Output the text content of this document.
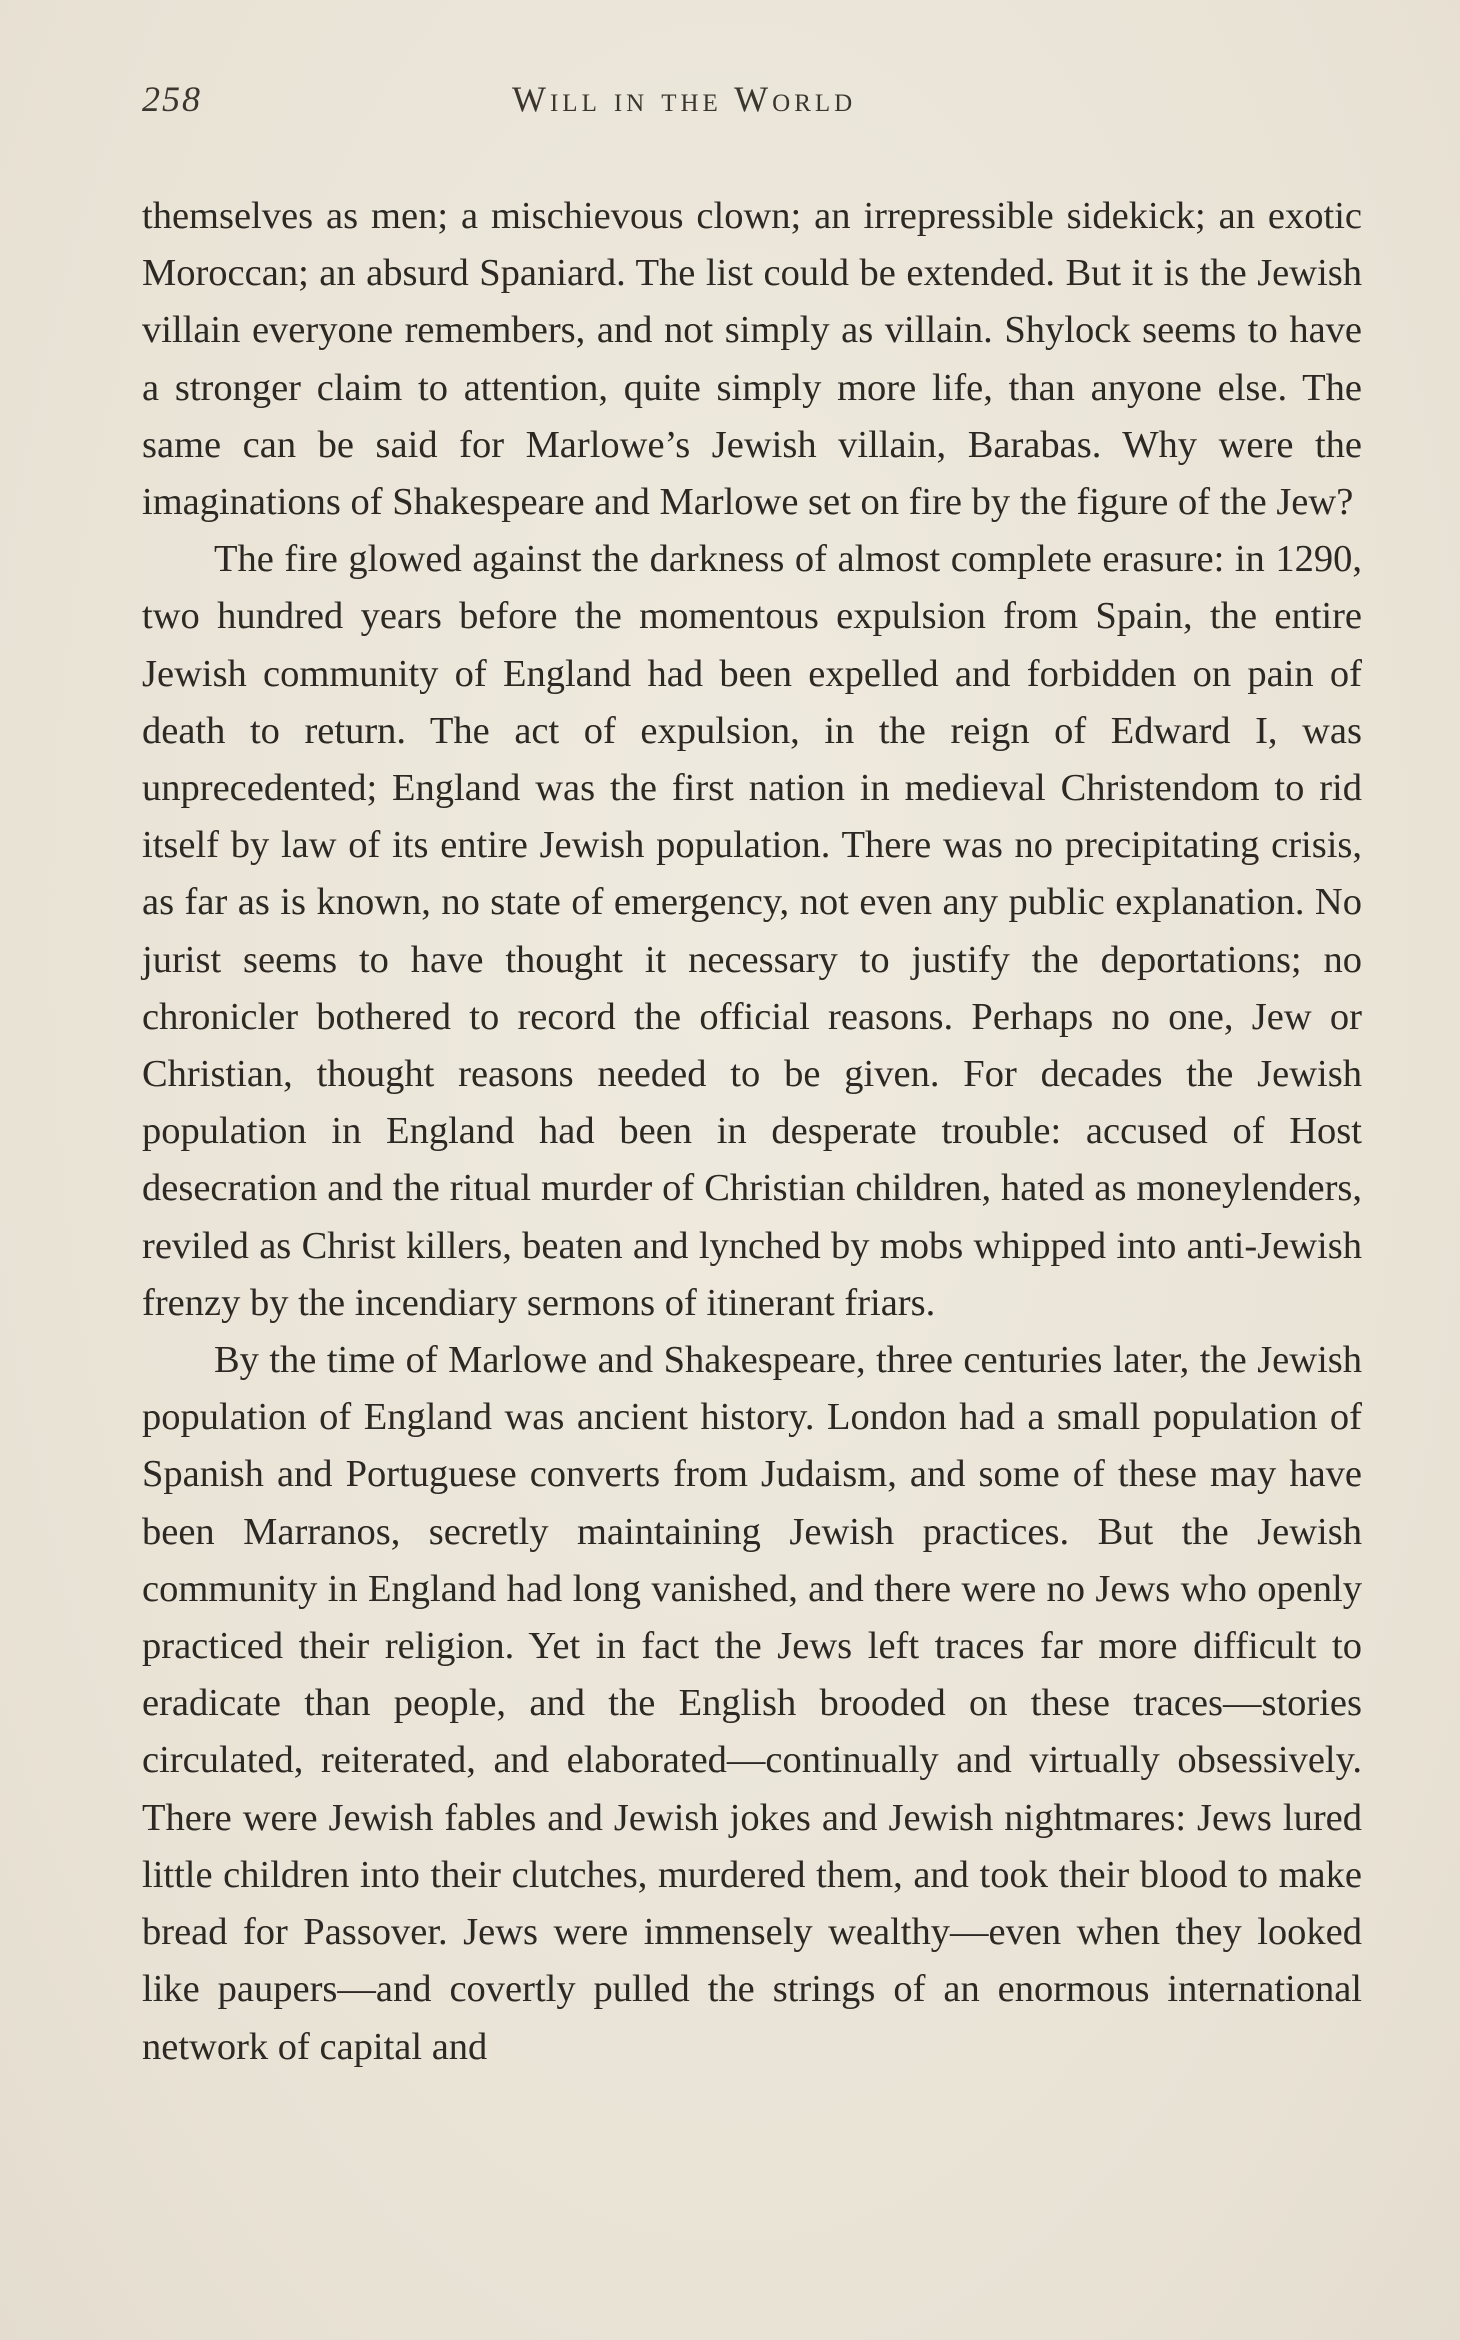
258	Will in the World

themselves as men; a mischievous clown; an irrepressible sidekick; an exotic Moroccan; an absurd Spaniard. The list could be extended. But it is the Jewish villain everyone remembers, and not simply as villain. Shylock seems to have a stronger claim to attention, quite simply more life, than anyone else. The same can be said for Marlowe’s Jewish villain, Barabas. Why were the imaginations of Shakespeare and Marlowe set on fire by the figure of the Jew?

The fire glowed against the darkness of almost complete erasure: in 1290, two hundred years before the momentous expulsion from Spain, the entire Jewish community of England had been expelled and forbidden on pain of death to return. The act of expulsion, in the reign of Edward I, was unprecedented; England was the first nation in medieval Christendom to rid itself by law of its entire Jewish population. There was no precipitating crisis, as far as is known, no state of emergency, not even any public explanation. No jurist seems to have thought it necessary to justify the deportations; no chronicler bothered to record the official reasons. Perhaps no one, Jew or Christian, thought reasons needed to be given. For decades the Jewish population in England had been in desperate trouble: accused of Host desecration and the ritual murder of Christian children, hated as moneylenders, reviled as Christ killers, beaten and lynched by mobs whipped into anti-Jewish frenzy by the incendiary sermons of itinerant friars.

By the time of Marlowe and Shakespeare, three centuries later, the Jewish population of England was ancient history. London had a small population of Spanish and Portuguese converts from Judaism, and some of these may have been Marranos, secretly maintaining Jewish practices. But the Jewish community in England had long vanished, and there were no Jews who openly practiced their religion. Yet in fact the Jews left traces far more difficult to eradicate than people, and the English brooded on these traces—stories circulated, reiterated, and elaborated—continually and virtually obsessively. There were Jewish fables and Jewish jokes and Jewish nightmares: Jews lured little children into their clutches, murdered them, and took their blood to make bread for Passover. Jews were immensely wealthy—even when they looked like paupers—and covertly pulled the strings of an enormous international network of capital and
